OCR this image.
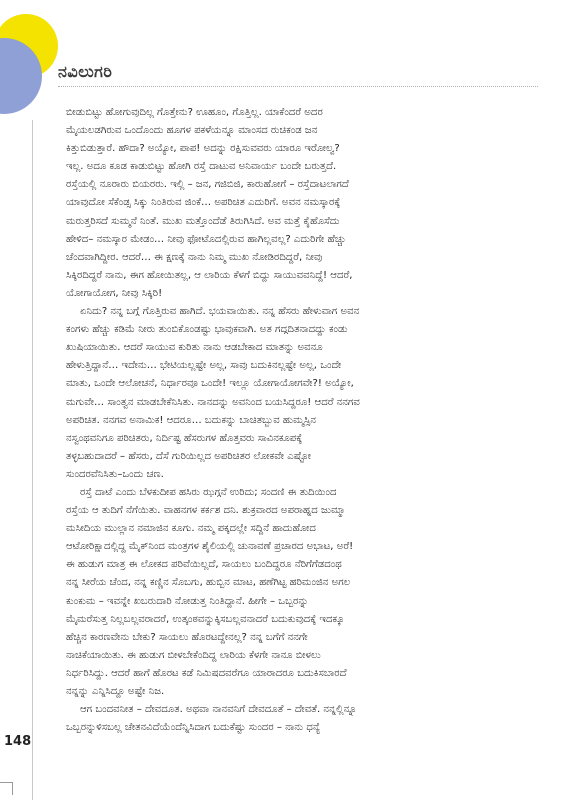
ನವಿಲುಗರಿ

ಬೀಡುಬಿಟ್ಟು ಹೋಗುವುದಿಲ್ಲ ಗೊತ್ತೇನು? ಊಹೂಂ, ಗೊತ್ತಿಲ್ಲ. ಯಾಕೆಂದರೆ ಅದರ
ಮೈಯಲಡಗಿರುವ ಒಂದೊಂದು ಹೂಗಳ ಪಕಳೆಯನ್ನೂ ಮಾಂಸದ ರುಚಿಕಂಡ ಜನ
ಕಿತ್ತುಬಿಡುತ್ತಾರೆ. ಹೌದಾ? ಅಯ್ಯೋ, ಪಾಪ! ಅದನ್ನು ರಕ್ಷಿಸುವವರು ಯಾರೂ ಇರೋಲ್ವ?
ಇಲ್ಲ. ಅದೂ ಕೂಡ ಕಾಡುಬಿಟ್ಟು ಹೋಗಿ ರಸ್ತೆ ದಾಟುವ ಅನಿವಾರ್ಯ ಬಂದೇ ಬರುತ್ತದೆ.
ರಸ್ತೆಯಲ್ಲಿ ನೂರಾರು ಬಿಯರರು. ಇಲ್ಲಿ – ಜನ, ಗಜಿಬಿಜಿ, ಕಾರುಹೋಗೆ – ರಸ್ತೆದಾಟಲಾಗದೆ
ಯಾವುದೋ ಸೆಕೆಂಡ್ಸ ಸಿಕ್ಕು ನಿಂತಿರುವ ಜಿಂಕೆ… ಅಪರಿಚಿತ ಎದುರಿಗೆ. ಅವನ ನಮಸ್ಕಾರಕ್ಕೆ
ಮರುತ್ತರಿಸದೆ ಸುಮ್ಮನೆ ನಿಂತೆ. ಮುಖ ಮತ್ತೊಂದೆಡೆ ತಿರುಗಿಸಿದೆ. ಅವ ಮತ್ತೆ ಕೈಹೊಸೆದು
ಹೇಳಿದ– ನಮಸ್ಕಾರ ಮೇಡಂ… ನೀವು ಫೋಟೊದಲ್ಲಿರುವ ಹಾಗಿಲ್ಲವಲ್ಲ? ಎದುರಿಗೇ ಹೆಚ್ಚು
ಚೆಂದವಾಗಿದ್ದೀರ. ಆದರೆ… ಈ ಕ್ಷಣಕ್ಕೆ ನಾನು ನಿಮ್ಮ ಮುಖ ನೋಡಿರದಿದ್ದರೆ, ನೀವು
ಸಿಕ್ಕಿರದಿದ್ದರೆ ನಾನು, ಈಗ ಹೋಯಿತಲ್ಲ, ಆ ಲಾರಿಯ ಕೆಳಗೆ ಬಿದ್ದು ಸಾಯುವವನಿದ್ದೆ! ಆದರೆ,
ಯೋಗಾಯೋಗ, ನೀವು ಸಿಕ್ಕಿರಿ!

ಏನಿದು? ನನ್ನ ಬಗ್ಗೆ ಗೊತ್ತಿರುವ ಹಾಗಿದೆ. ಭಯವಾಯಿತು. ನನ್ನ ಹೆಸರು ಹೇಳುವಾಗ ಅವನ
ಕಂಗಳು ಹೆಚ್ಚು ಕಡಿಮೆ ನೀರು ತುಂಬಿಕೊಂಡಷ್ಟು ಭಾವುಕವಾಗಿ. ಅತ ಗದ್ಗದಿತನಾದದ್ದು ಕಂಡು
ಖುಷಿಯಾಯಿತು. ಆದರೆ ಸಾಯುವ ಕುರಿತು ನಾನು ಆಡಬೇಕಾದ ಮಾತನ್ನು ಅವನೂ
ಹೇಳುತ್ತಿದ್ದಾನೆ… ಇದೇನು… ಭೇಟಿಯಲ್ಲಷ್ಟೇ ಅಲ್ಲ, ಸಾವು ಬದುಕಿನಲ್ಲಷ್ಟೇ ಅಲ್ಲ, ಒಂದೇ
ಮಾತು, ಒಂದೇ ಆಲೋಚನೆ, ನಿರ್ಧಾರವೂ ಒಂದೇ! ಇಲ್ಲೂ ಯೋಗಾಯೋಗವೇ?! ಅಯ್ಯೋ,
ಮಗುವೇ… ಸಾಂತ್ವನ ಮಾಡಬೇಕೆನಿಸಿತು. ನಾನದನ್ನು ಅವನಿಂದ ಬಯಸಿದ್ದರೂ! ಆದರೆ ನನಗವ
ಅಪರಿಚಿತ. ನನಗವ ಅನಾಮಿಕ! ಆದರೂ… ಬದುಕನ್ನು ಬಾಚಿತಬ್ಬುವ ಹುಮ್ಮಸ್ಸಿನ
ನಸ್ವಂಥವನಿಗೂ ಪರಿಚಿತರು, ನಿರ್ದಿಷ್ಟ ಹೆಸರುಗಳ ಹೊತ್ತವರು ಸಾವಿನಕೂಪಕ್ಕೆ
ತಳ್ಳಬಹುದಾದರೆ – ಹೆಸರು, ದೆಸೆ ಗುರಿಯಿಲ್ಲದ ಅಪರಿಚಿತರ ಲೋಕವೇ ಎಷ್ಟೋ
ಸುಂದರವೆನಿಸಿತು–ಒಂದು ಚಣ.

ರಸ್ತೆ ದಾಟೆ ಎಂದು ಬೆಳಕುದೀಪ ಹಸಿರು ಝಗ್ಗನೆ ಉರಿದು; ಸಂದಣಿ ಈ ತುದಿಯಿಂದ
ರಸ್ತೆಯ ಆ ತುದಿಗೆ ನೆಗೆಯಿತು. ವಾಹನಗಳ ಕರ್ಕಶ ದನಿ. ಶುಕ್ರವಾರದ ಅಪರಾಹ್ನದ ಜುಮ್ಮಾ
ಮಸೀದಿಯ ಮುಲ್ಲಾನ ನಮಾಜಿನ ಕೂಗು. ನಮ್ಮ ಪಕ್ಕದಲ್ಲೇ ಸದ್ದಿನೆ ಹಾದುಹೋದ
ಆಟೋರಿಕ್ಷಾದಲ್ಲಿದ್ದ ಮೈಕ್‌ನಿಂದ ಮಂತ್ರಗಳ ಶೈಲಿಯಲ್ಲಿ ಚುನಾವಣೆ ಪ್ರಚಾರದ ಅಭಾಟ, ಅರೆ!
ಈ ಹುಡುಗ ಮಾತ್ರ ಈ ಲೋಕದ ಪರಿವೆಯಿಲ್ಲದೆ, ಸಾಯಲು ಬಂದಿದ್ದರೂ ನೆರಿಗೆಗೆಡದಂಥ
ನನ್ನ ಸೀರೆಯ ಚೆಂದ, ನನ್ನ ಕಣ್ಣಿನ ಸೊಬಗು, ಹುಬ್ಬಿನ ಮಾಟ, ಹಣೆಗಿಟ್ಟ ಹರಿಮಂಜಿನ ಅಗಲ
ಕುಂಕುಮ – ಇವನ್ನೇ ಖಬರುದಾರಿ ನೋಡುತ್ತ ನಿಂತಿದ್ದಾನೆ. ಹೀಗೇ – ಒಬ್ಬರನ್ನು
ಮೈಮರೆಸುತ್ತ ನಿಲ್ಲಬಲ್ಲವರಾದರೆ, ಉತ್ಕಂಠವನ್ನುಕ್ಕಿಸಬಲ್ಲವನಾದರೆ ಬದುಕುವುದಕ್ಕೆ ಇದಕ್ಕೂ
ಹೆಚ್ಚಿನ ಕಾರಣವೇನು ಬೇಕು? ಸಾಯಲು ಹೊರಟದ್ದೇನಲ್ಲ? ನನ್ನ ಬಗೆಗೆ ನನಗೇ
ನಾಚಿಕೆಯಾಯಿತು. ಈ ಹುಡುಗ ಬೀಳಬೇಕೆಂದಿದ್ದ ಲಾರಿಯ ಕೆಳಗೇ ನಾನೂ ಬೀಳಲು
ನಿರ್ಧರಿಸಿದ್ದು. ಆದರೆ ಹಾಗೆ ಹೊರಟ ಕಡೆ ನಿಮಿಷದವರೆಗೂ ಯಾರಾದರೂ ಬದುಕಿಸಬಾರದೆ
ನನ್ನನ್ನು ಎನ್ನಿಸಿದ್ದೂ ಅಷ್ಟೇ ನಿಜ.

ಆಗ ಬಂದವನೀತ – ದೇವದೂತ. ಅಥವಾ ನಾನವನಿಗೆ ದೇವದೂತೆ – ದೇವತೆ. ನನ್ನಲ್ಲಿನ್ನೂ
ಒಬ್ಬರನ್ನುಳಿಸಬಲ್ಲ ಚೇತನವಿದೆಯೆಂದೆನ್ನಿಸಿದಾಗ ಬದುಕೆಷ್ಟು ಸುಂದರ – ನಾನು ಧನ್ಯೆ

148
